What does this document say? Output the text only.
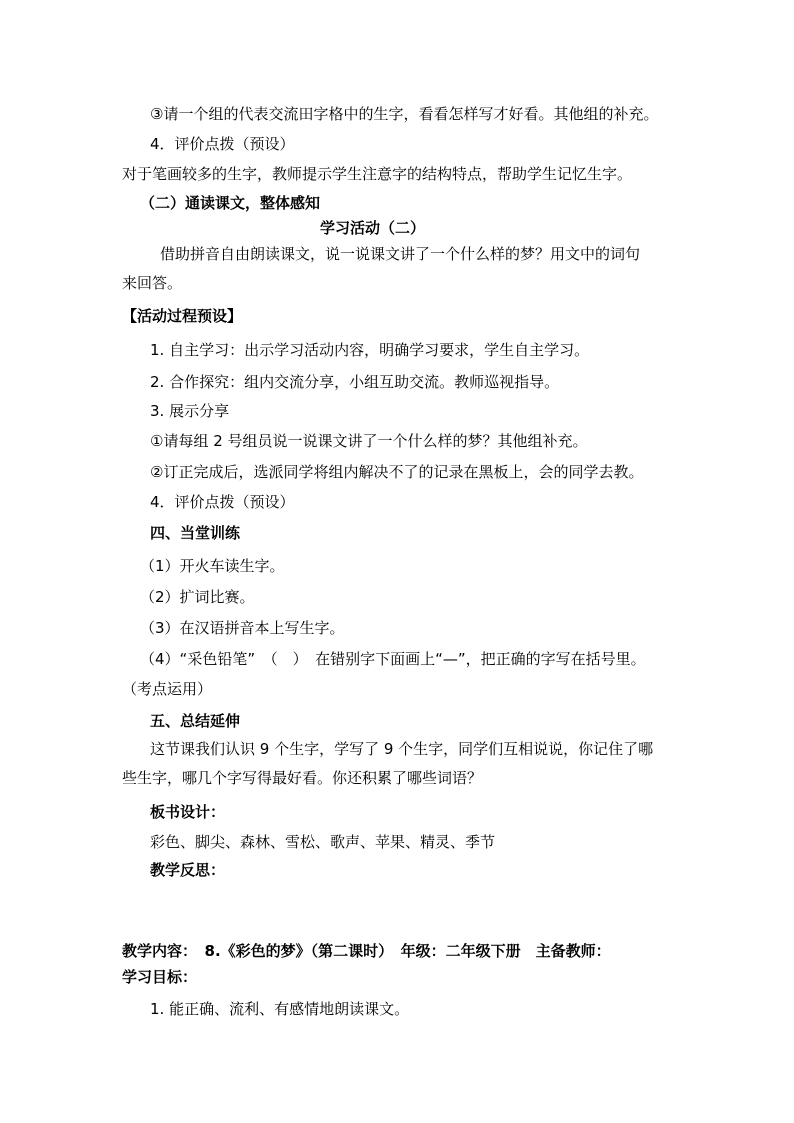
③请一个组的代表交流田字格中的生字，看看怎样写才好看。其他组的补充。
4．评价点拨（预设）
对于笔画较多的生字，教师提示学生注意字的结构特点，帮助学生记忆生字。
（二）通读课文，整体感知
学习活动（二）
借助拼音自由朗读课文，说一说课文讲了一个什么样的梦？用文中的词句
来回答。
【活动过程预设】
1. 自主学习：出示学习活动内容，明确学习要求，学生自主学习。
2. 合作探究：组内交流分享，小组互助交流。教师巡视指导。
3. 展示分享
①请每组 2 号组员说一说课文讲了一个什么样的梦？其他组补充。
②订正完成后，选派同学将组内解决不了的记录在黑板上，会的同学去教。
4．评价点拨（预设）
四、当堂训练
（1）开火车读生字。
（2）扩词比赛。
（3）在汉语拼音本上写生字。
（4）“采色铅笔”　（　）　在错别字下面画上“—”，把正确的字写在括号里。
（考点运用）
五、总结延伸
这节课我们认识 9 个生字，学写了 9 个生字，同学们互相说说，你记住了哪
些生字，哪几个字写得最好看。你还积累了哪些词语？
板书设计：
彩色、脚尖、森林、雪松、歌声、苹果、精灵、季节
教学反思：
教学内容：　8.《彩色的梦》（第二课时）　年级：二年级下册　主备教师：
学习目标：
1. 能正确、流利、有感情地朗读课文。
